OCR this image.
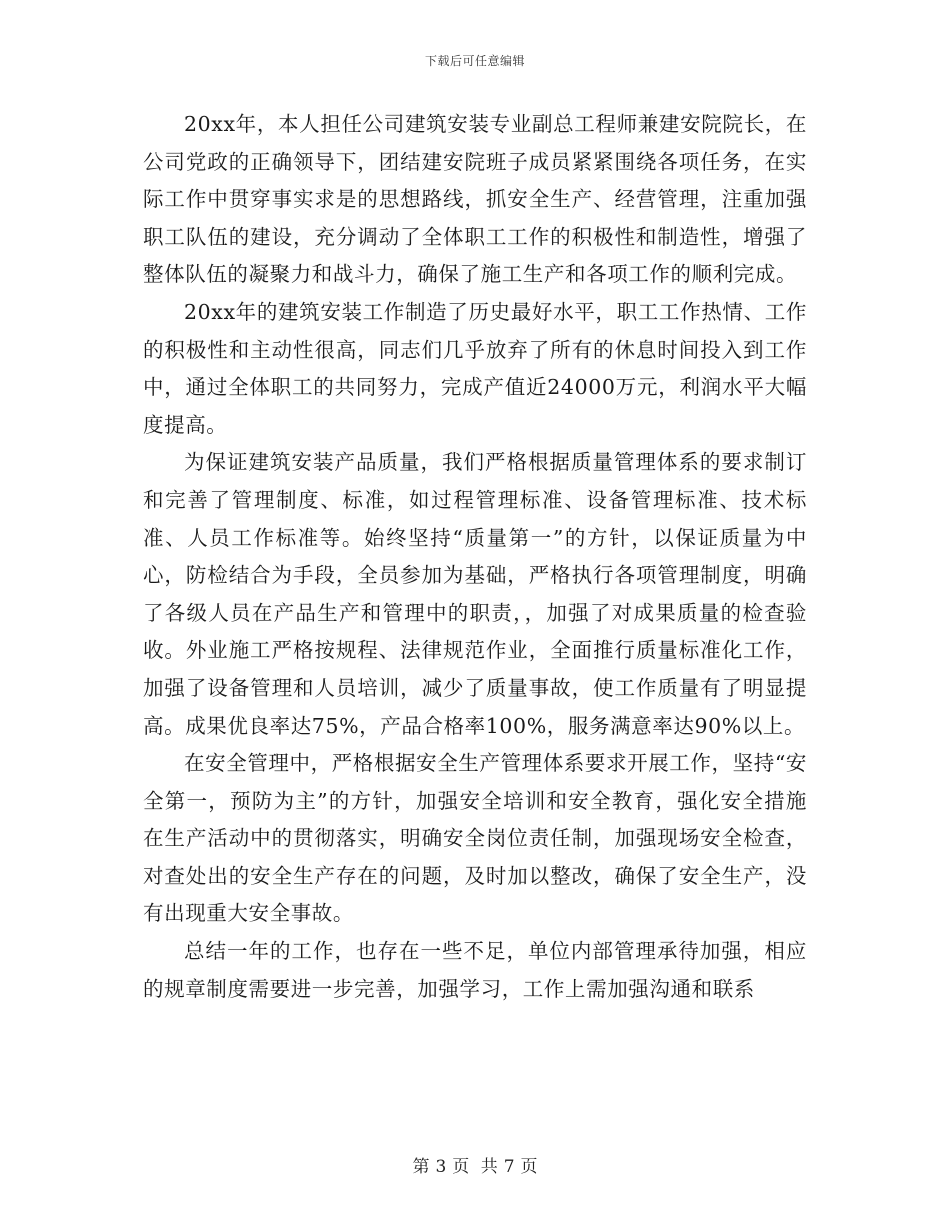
下载后可任意编辑

20xx年，本人担任公司建筑安装专业副总工程师兼建安院院长，在公司党政的正确领导下，团结建安院班子成员紧紧围绕各项任务，在实际工作中贯穿事实求是的思想路线，抓安全生产、经营管理，注重加强职工队伍的建设，充分调动了全体职工工作的积极性和制造性，增强了整体队伍的凝聚力和战斗力，确保了施工生产和各项工作的顺利完成。

20xx年的建筑安装工作制造了历史最好水平，职工工作热情、工作的积极性和主动性很高，同志们几乎放弃了所有的休息时间投入到工作中，通过全体职工的共同努力，完成产值近24000万元，利润水平大幅度提高。

为保证建筑安装产品质量，我们严格根据质量管理体系的要求制订和完善了管理制度、标准，如过程管理标准、设备管理标准、技术标准、人员工作标准等。始终坚持“质量第一”的方针，以保证质量为中心，防检结合为手段，全员参加为基础，严格执行各项管理制度，明确了各级人员在产品生产和管理中的职责，，加强了对成果质量的检查验收。外业施工严格按规程、法律规范作业，全面推行质量标准化工作，加强了设备管理和人员培训，减少了质量事故，使工作质量有了明显提高。成果优良率达75%，产品合格率100%，服务满意率达90%以上。

在安全管理中，严格根据安全生产管理体系要求开展工作，坚持“安全第一，预防为主”的方针，加强安全培训和安全教育，强化安全措施在生产活动中的贯彻落实，明确安全岗位责任制，加强现场安全检查，对查处出的安全生产存在的问题，及时加以整改，确保了安全生产，没有出现重大安全事故。

总结一年的工作，也存在一些不足，单位内部管理承待加强，相应的规章制度需要进一步完善，加强学习，工作上需加强沟通和联系

第 3 页 共 7 页
